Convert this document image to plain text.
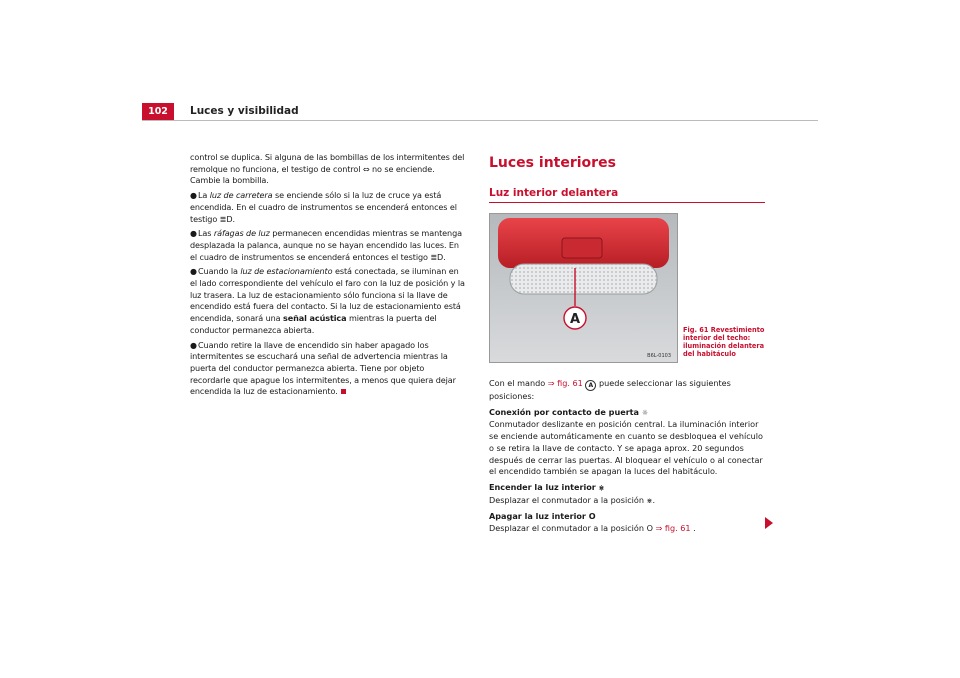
102	Luces y visibilidad

control se duplica. Si alguna de las bombillas de los intermitentes del remolque no funciona, el testigo de control ⇔ no se enciende. Cambie la bombilla.

●La luz de carretera se enciende sólo si la luz de cruce ya está encendida. En el cuadro de instrumentos se encenderá entonces el testigo ≣D.

●Las ráfagas de luz permanecen encendidas mientras se mantenga desplazada la palanca, aunque no se hayan encendido las luces. En el cuadro de instrumentos se encenderá entonces el testigo ≣D.

●Cuando la luz de estacionamiento está conectada, se iluminan en el lado correspondiente del vehículo el faro con la luz de posición y la luz trasera. La luz de estacionamiento sólo funciona si la llave de encendido está fuera del contacto. Si la luz de estacionamiento está encendida, sonará una señal acústica mientras la puerta del conductor permanezca abierta.

●Cuando retire la llave de encendido sin haber apagado los intermitentes se escuchará una señal de advertencia mientras la puerta del conductor permanezca abierta. Tiene por objeto recordarle que apague los intermitentes, a menos que quiera dejar encendida la luz de estacionamiento.

Luces interiores
Luz interior delantera
A
B6L-0103
Fig. 61 Revestimiento interior del techo: iluminación delantera del habitáculo

Con el mando ⇒ fig. 61 A puede seleccionar las siguientes posiciones:

Conexión por contacto de puerta ☼

Conmutador deslizante en posición central. La iluminación interior se enciende automáticamente en cuanto se desbloquea el vehículo o se retira la llave de contacto. Y se apaga aprox. 20 segundos después de cerrar las puertas. Al bloquear el vehículo o al conectar el encendido también se apagan la luces del habitáculo.

Encender la luz interior ⋇

Desplazar el conmutador a la posición ⋇.

Apagar la luz interior O

Desplazar el conmutador a la posición O ⇒ fig. 61 .
